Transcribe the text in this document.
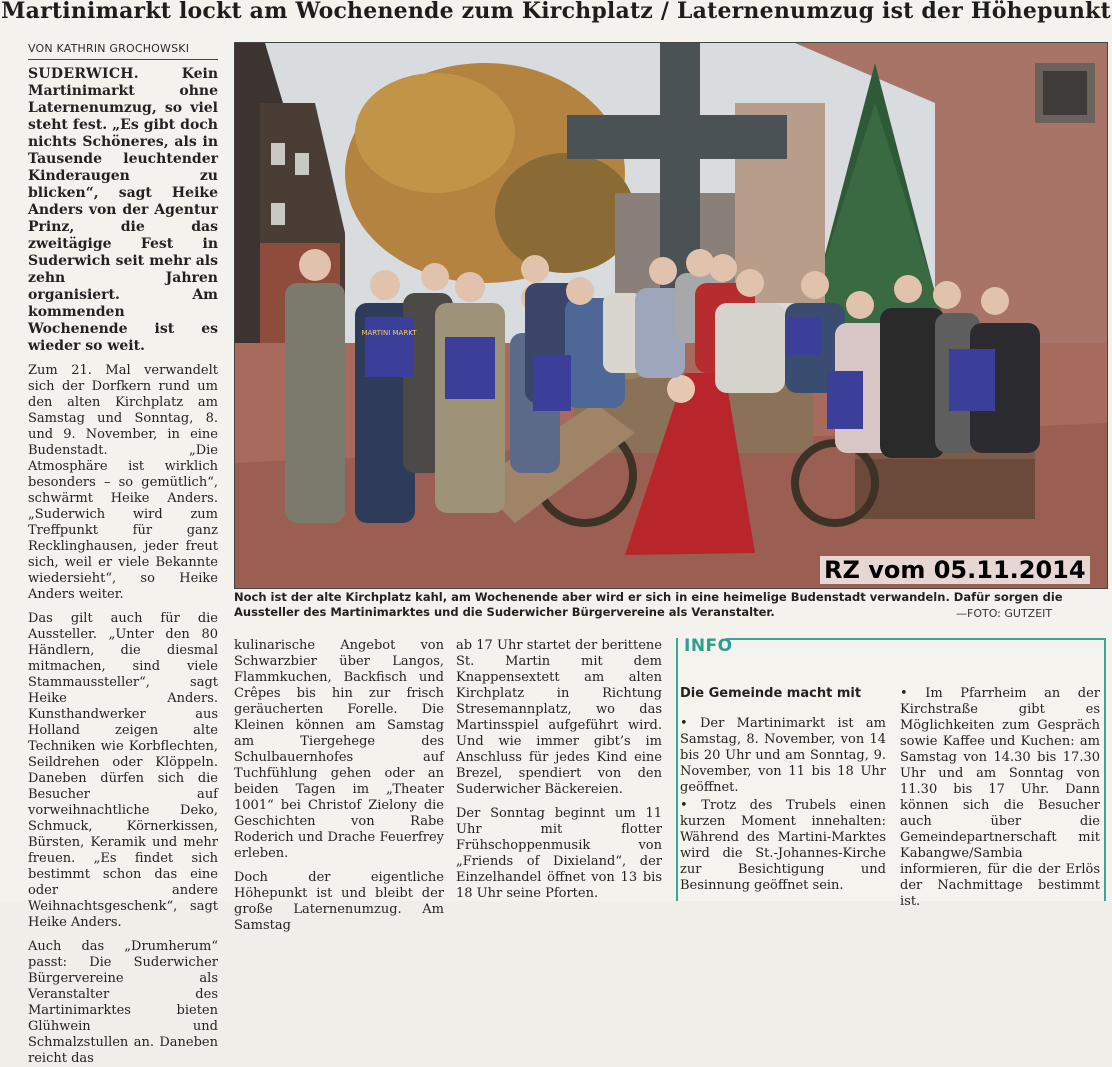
Martinimarkt lockt am Wochenende zum Kirchplatz / Laternenumzug ist der Höhepunkt
VON KATHRIN GROCHOWSKI

SUDERWICH. Kein Martinimarkt ohne Laternenumzug, so viel steht fest. „Es gibt doch nichts Schöneres, als in Tausende leuchtender Kinderaugen zu blicken“, sagt Heike Anders von der Agentur Prinz, die das zweitägige Fest in Suderwich seit mehr als zehn Jahren organisiert. Am kommenden Wochenende ist es wieder so weit.

Zum 21. Mal verwandelt sich der Dorfkern rund um den alten Kirchplatz am Samstag und Sonntag, 8. und 9. November, in eine Budenstadt. „Die Atmosphäre ist wirklich besonders – so gemütlich“, schwärmt Heike Anders. „Suderwich wird zum Treffpunkt für ganz Recklinghausen, jeder freut sich, weil er viele Bekannte wiedersieht“, so Heike Anders weiter.

Das gilt auch für die Aussteller. „Unter den 80 Händlern, die diesmal mitmachen, sind viele Stammaussteller“, sagt Heike Anders. Kunsthandwerker aus Holland zeigen alte Techniken wie Korbflechten, Seildrehen oder Klöppeln. Daneben dürfen sich die Besucher auf vorweihnachtliche Deko, Schmuck, Körnerkissen, Bürsten, Keramik und mehr freuen. „Es findet sich bestimmt schon das eine oder andere Weihnachtsgeschenk“, sagt Heike Anders.

Auch das „Drumherum“ passt: Die Suderwicher Bürgervereine als Veranstalter des Martinimarktes bieten Glühwein und Schmalzstullen an. Daneben reicht das

MARTINI MARKT
RZ vom 05.11.2014
Noch ist der alte Kirchplatz kahl, am Wochenende aber wird er sich in eine heimelige Budenstadt verwandeln. Dafür sorgen die Aussteller des Martinimarktes und die Suderwicher Bürgervereine als Veranstalter.	—FOTO: GUTZEIT

kulinarische Angebot von Schwarzbier über Langos, Flammkuchen, Backfisch und Crêpes bis hin zur frisch geräucherten Forelle. Die Kleinen können am Samstag am Tiergehege des Schulbauernhofes auf Tuchfühlung gehen oder an beiden Tagen im „Theater 1001“ bei Christof Zielony die Geschichten von Rabe Roderich und Drache Feuerfrey erleben.

Doch der eigentliche Höhepunkt ist und bleibt der große Laternenumzug. Am Samstag

ab 17 Uhr startet der berittene St. Martin mit dem Knappensextett am alten Kirchplatz in Richtung Stresemannplatz, wo das Martinsspiel aufgeführt wird. Und wie immer gibt’s im Anschluss für jedes Kind eine Brezel, spendiert von den Suderwicher Bäckereien.

Der Sonntag beginnt um 11 Uhr mit flotter Frühschoppenmusik von „Friends of Dixieland“, der Einzelhandel öffnet von 13 bis 18 Uhr seine Pforten.

INFO
Die Gemeinde macht mit

• Der Martinimarkt ist am Samstag, 8. November, von 14 bis 20 Uhr und am Sonntag, 9. November, von 11 bis 18 Uhr geöffnet.

• Trotz des Trubels einen kurzen Moment innehalten: Während des Martini-Marktes wird die St.-Johannes-Kirche zur Besichtigung und Besinnung geöffnet sein.

• Im Pfarrheim an der Kirchstraße gibt es Möglichkeiten zum Gespräch sowie Kaffee und Kuchen: am Samstag von 14.30 bis 17.30 Uhr und am Sonntag von 11.30 bis 17 Uhr. Dann können sich die Besucher auch über die Gemeindepartnerschaft mit Kabangwe/Sambia informieren, für die der Erlös der Nachmittage bestimmt ist.
